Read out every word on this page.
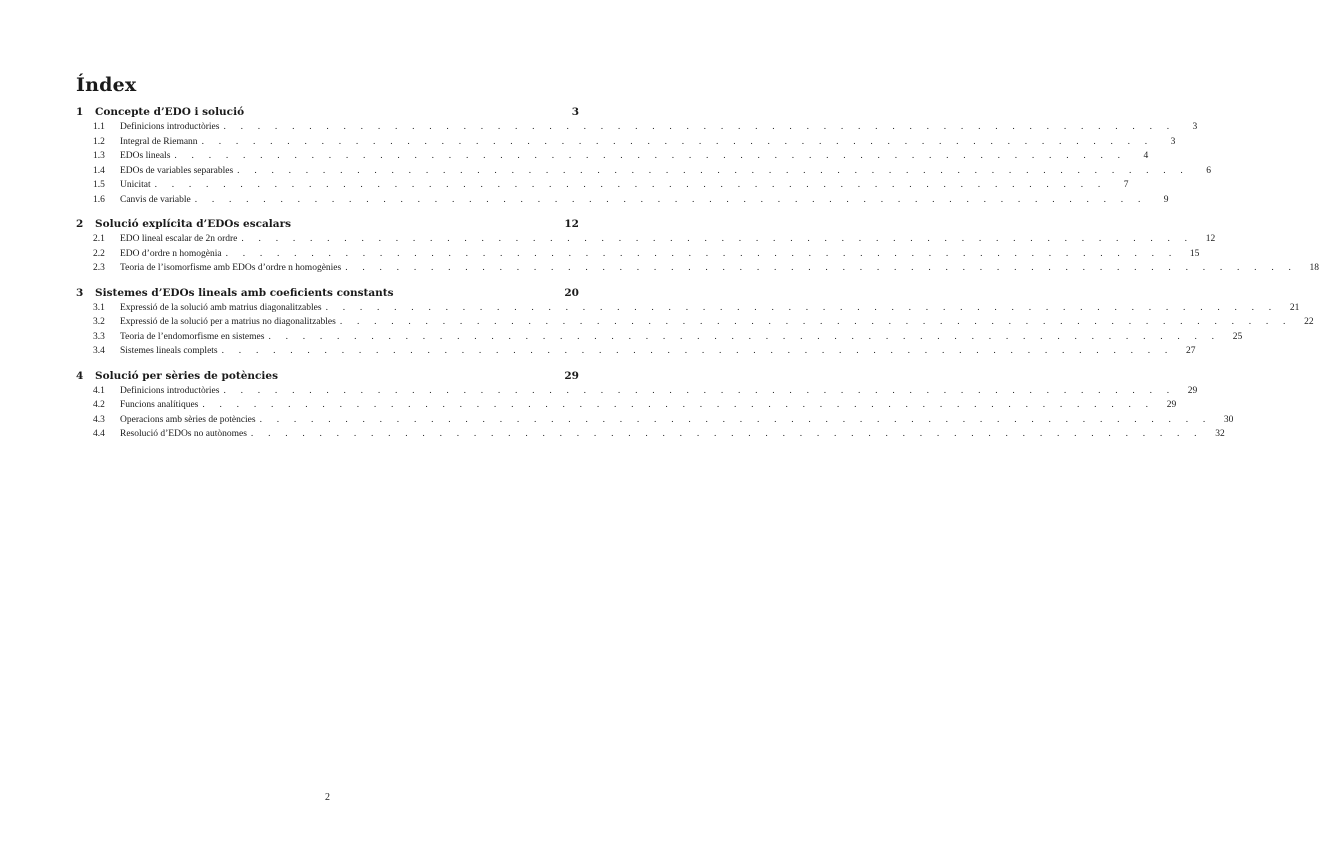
Índex
1	Concepte d’EDO i solució	3
1.1	Definicions introductòries . . . . . . . . . . . . . . . . . . . . . . . . . . . . . . . . . . . . . . . . . . . . . . . . . . . . . . . .	3
1.2	Integral de Riemann . . . . . . . . . . . . . . . . . . . . . . . . . . . . . . . . . . . . . . . . . . . . . . . . . . . . . . . .	3
1.3	EDOs lineals . . . . . . . . . . . . . . . . . . . . . . . . . . . . . . . . . . . . . . . . . . . . . . . . . . . . . . . .	4
1.4	EDOs de variables separables . . . . . . . . . . . . . . . . . . . . . . . . . . . . . . . . . . . . . . . . . . . . . . . . . . . . . . . .	6
1.5	Unicitat . . . . . . . . . . . . . . . . . . . . . . . . . . . . . . . . . . . . . . . . . . . . . . . . . . . . . . . .	7
1.6	Canvis de variable . . . . . . . . . . . . . . . . . . . . . . . . . . . . . . . . . . . . . . . . . . . . . . . . . . . . . . . .	9
2	Solució explícita d’EDOs escalars	12
2.1	EDO lineal escalar de 2n ordre . . . . . . . . . . . . . . . . . . . . . . . . . . . . . . . . . . . . . . . . . . . . . . . . . . . . . . . .	12
2.2	EDO d’ordre n homogènia . . . . . . . . . . . . . . . . . . . . . . . . . . . . . . . . . . . . . . . . . . . . . . . . . . . . . . . .	15
2.3	Teoria de l’isomorfisme amb EDOs d’ordre n homogènies . . . . . . . . . . . . . . . . . . . . . . . . . . . . . . . . . . . . . . . . . . . . . . . . . . . . . . . .	18
3	Sistemes d’EDOs lineals amb coeficients constants	20
3.1	Expressió de la solució amb matrius diagonalitzables . . . . . . . . . . . . . . . . . . . . . . . . . . . . . . . . . . . . . . . . . . . . . . . . . . . . . . . .	21
3.2	Expressió de la solució per a matrius no diagonalitzables . . . . . . . . . . . . . . . . . . . . . . . . . . . . . . . . . . . . . . . . . . . . . . . . . . . . . . . .	22
3.3	Teoria de l’endomorfisme en sistemes . . . . . . . . . . . . . . . . . . . . . . . . . . . . . . . . . . . . . . . . . . . . . . . . . . . . . . . .	25
3.4	Sistemes lineals complets . . . . . . . . . . . . . . . . . . . . . . . . . . . . . . . . . . . . . . . . . . . . . . . . . . . . . . . .	27
4	Solució per sèries de potències	29
4.1	Definicions introductòries . . . . . . . . . . . . . . . . . . . . . . . . . . . . . . . . . . . . . . . . . . . . . . . . . . . . . . . .	29
4.2	Funcions analítiques . . . . . . . . . . . . . . . . . . . . . . . . . . . . . . . . . . . . . . . . . . . . . . . . . . . . . . . .	29
4.3	Operacions amb sèries de potències . . . . . . . . . . . . . . . . . . . . . . . . . . . . . . . . . . . . . . . . . . . . . . . . . . . . . . . .	30
4.4	Resolució d’EDOs no autònomes . . . . . . . . . . . . . . . . . . . . . . . . . . . . . . . . . . . . . . . . . . . . . . . . . . . . . . . .	32
2
